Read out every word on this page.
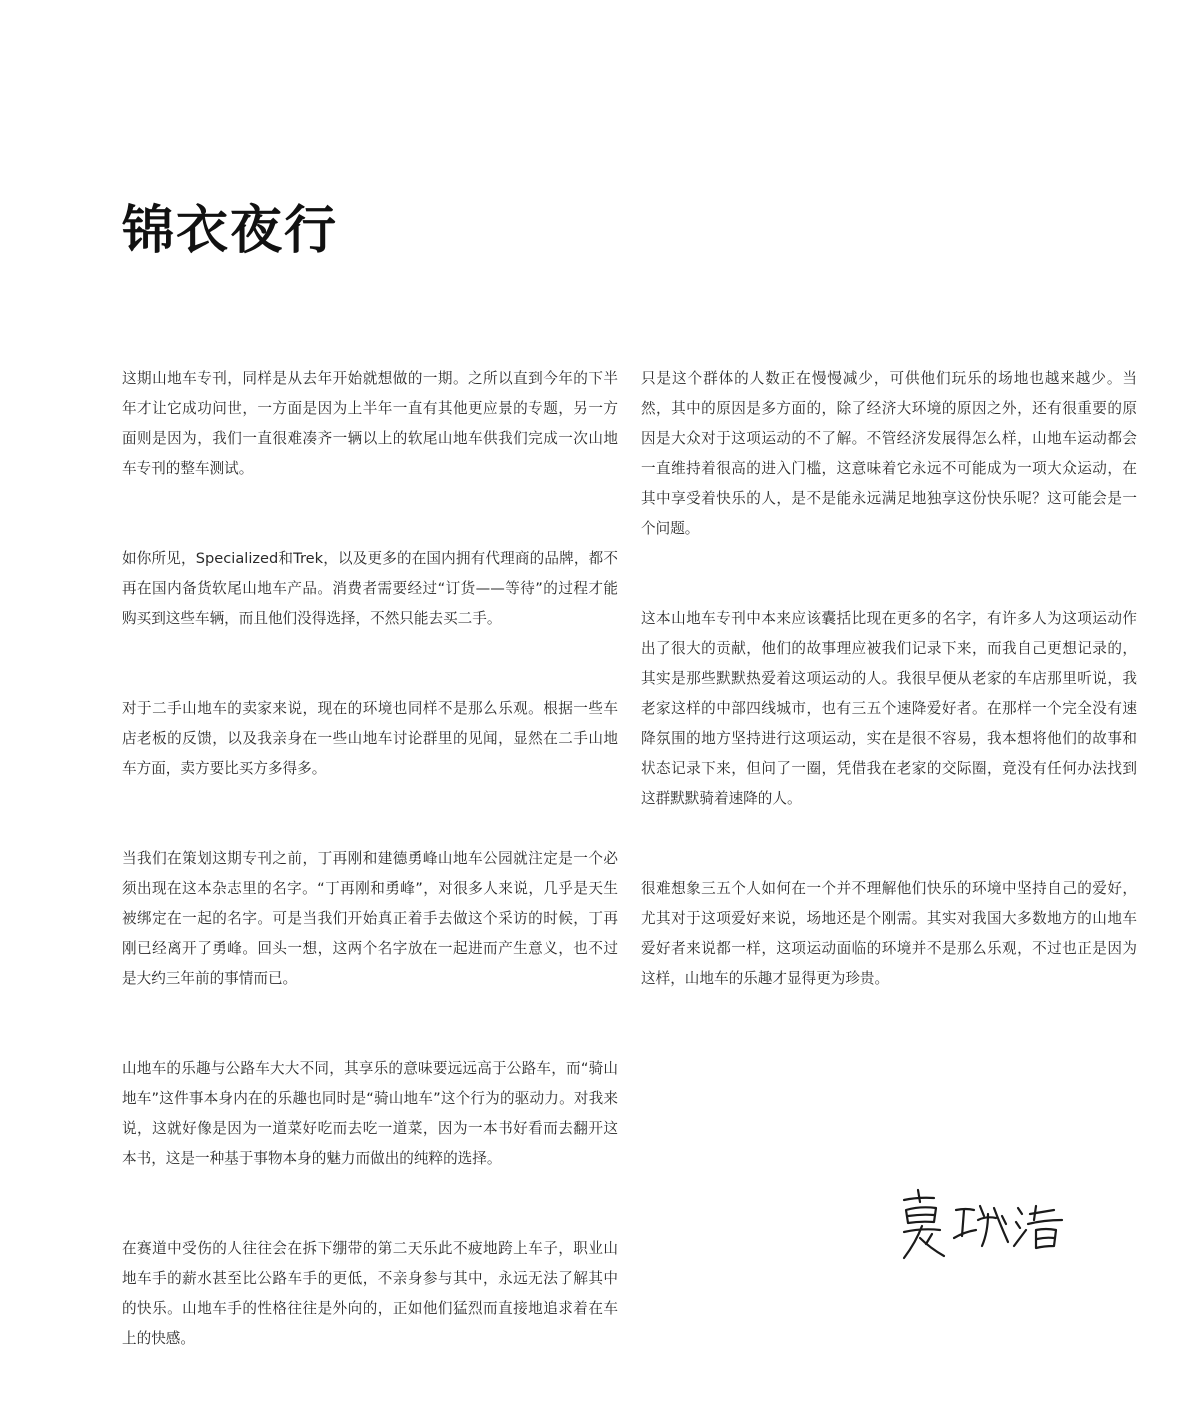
锦衣夜行

这期山地车专刊，同样是从去年开始就想做的一期。之所以直到今年的下半年才让它成功问世，一方面是因为上半年一直有其他更应景的专题，另一方面则是因为，我们一直很难凑齐一辆以上的软尾山地车供我们完成一次山地车专刊的整车测试。

如你所见，Specialized和Trek，以及更多的在国内拥有代理商的品牌，都不再在国内备货软尾山地车产品。消费者需要经过“订货——等待”的过程才能购买到这些车辆，而且他们没得选择，不然只能去买二手。

对于二手山地车的卖家来说，现在的环境也同样不是那么乐观。根据一些车店老板的反馈，以及我亲身在一些山地车讨论群里的见闻，显然在二手山地车方面，卖方要比买方多得多。

当我们在策划这期专刊之前，丁再刚和建德勇峰山地车公园就注定是一个必须出现在这本杂志里的名字。“丁再刚和勇峰”，对很多人来说，几乎是天生被绑定在一起的名字。可是当我们开始真正着手去做这个采访的时候，丁再刚已经离开了勇峰。回头一想，这两个名字放在一起进而产生意义，也不过是大约三年前的事情而已。

山地车的乐趣与公路车大大不同，其享乐的意味要远远高于公路车，而“骑山地车”这件事本身内在的乐趣也同时是“骑山地车”这个行为的驱动力。对我来说，这就好像是因为一道菜好吃而去吃一道菜，因为一本书好看而去翻开这本书，这是一种基于事物本身的魅力而做出的纯粹的选择。

在赛道中受伤的人往往会在拆下绷带的第二天乐此不疲地跨上车子，职业山地车手的薪水甚至比公路车手的更低，不亲身参与其中，永远无法了解其中的快乐。山地车手的性格往往是外向的，正如他们猛烈而直接地追求着在车上的快感。

只是这个群体的人数正在慢慢减少，可供他们玩乐的场地也越来越少。当然，其中的原因是多方面的，除了经济大环境的原因之外，还有很重要的原因是大众对于这项运动的不了解。不管经济发展得怎么样，山地车运动都会一直维持着很高的进入门槛，这意味着它永远不可能成为一项大众运动，在其中享受着快乐的人，是不是能永远满足地独享这份快乐呢？这可能会是一个问题。

这本山地车专刊中本来应该囊括比现在更多的名字，有许多人为这项运动作出了很大的贡献，他们的故事理应被我们记录下来，而我自己更想记录的，其实是那些默默热爱着这项运动的人。我很早便从老家的车店那里听说，我老家这样的中部四线城市，也有三五个速降爱好者。在那样一个完全没有速降氛围的地方坚持进行这项运动，实在是很不容易，我本想将他们的故事和状态记录下来，但问了一圈，凭借我在老家的交际圈，竟没有任何办法找到这群默默骑着速降的人。

很难想象三五个人如何在一个并不理解他们快乐的环境中坚持自己的爱好，尤其对于这项爱好来说，场地还是个刚需。其实对我国大多数地方的山地车爱好者来说都一样，这项运动面临的环境并不是那么乐观，不过也正是因为这样，山地车的乐趣才显得更为珍贵。
